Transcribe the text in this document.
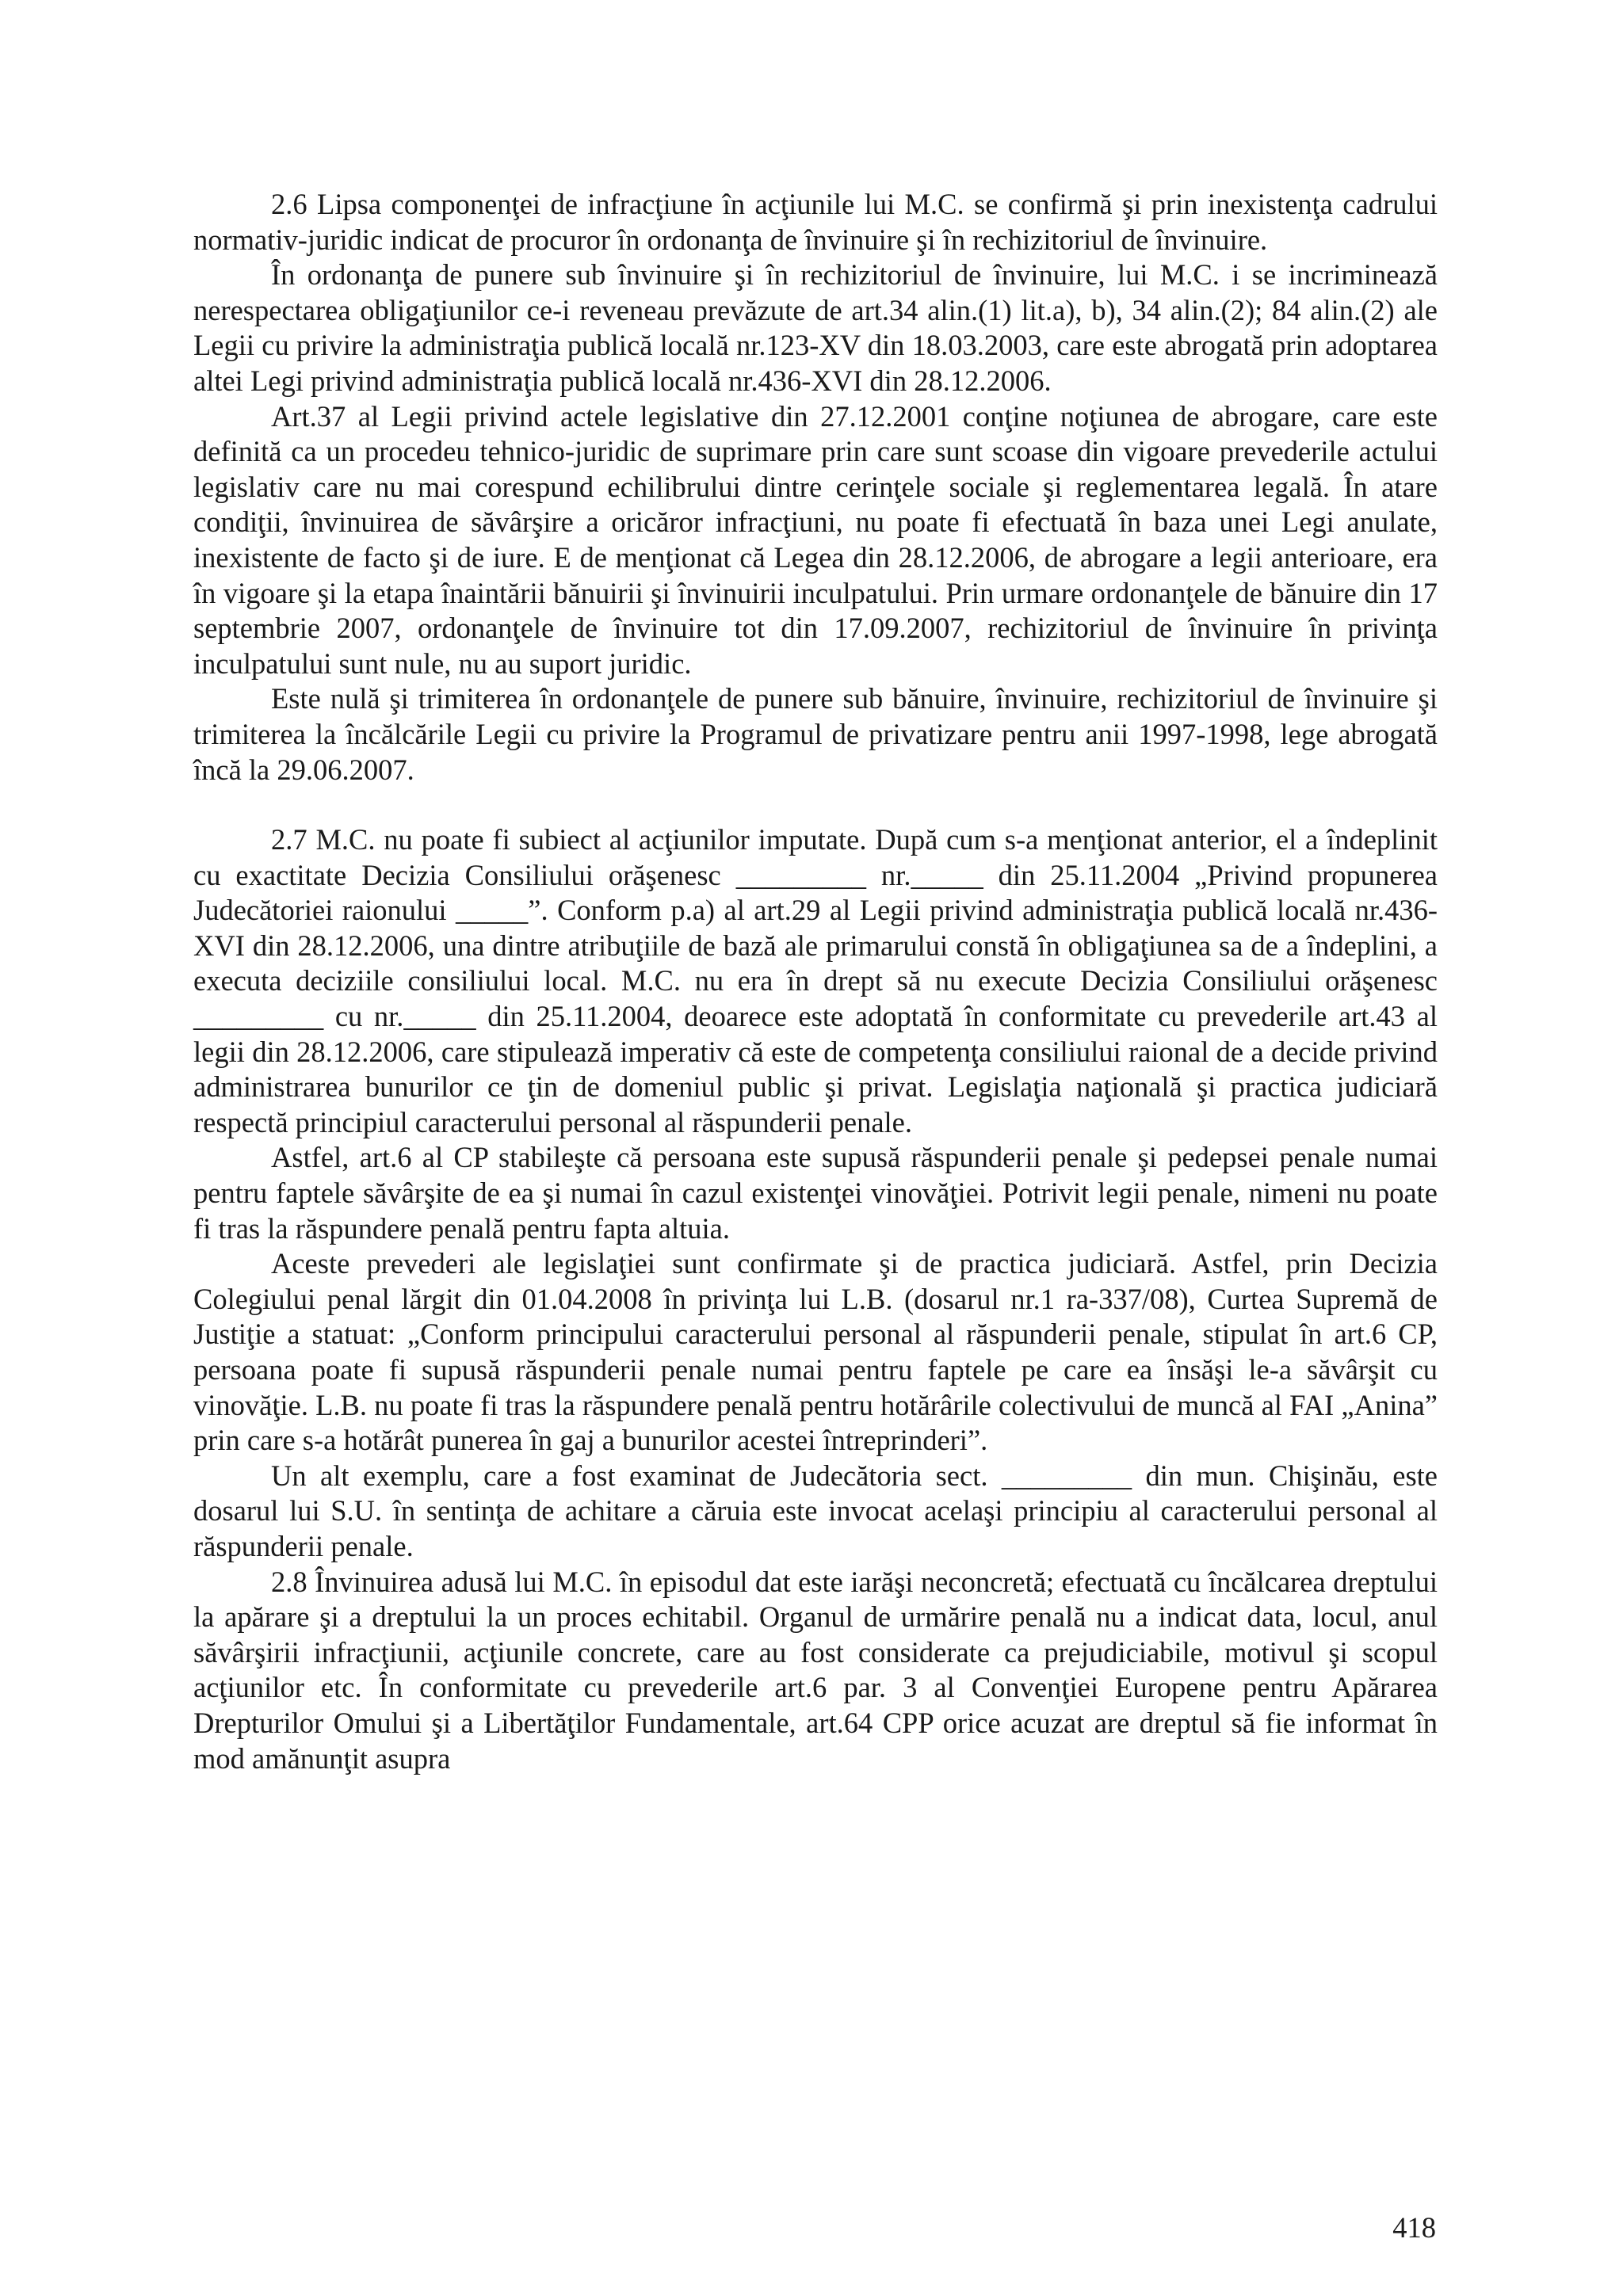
2.6 Lipsa componenţei de infracţiune în acţiunile lui M.C. se confirmă şi prin inexistenţa cadrului normativ-juridic indicat de procuror în ordonanţa de învinuire şi în rechizitoriul de învinuire.

În ordonanţa de punere sub învinuire şi în rechizitoriul de învinuire, lui M.C. i se incriminează nerespectarea obligaţiunilor ce-i reveneau prevăzute de art.34 alin.(1) lit.a), b), 34 alin.(2); 84 alin.(2) ale Legii cu privire la administraţia publică locală nr.123-XV din 18.03.2003, care este abrogată prin adoptarea altei Legi privind administraţia publică locală nr.436-XVI din 28.12.2006.

Art.37 al Legii privind actele legislative din 27.12.2001 conţine noţiunea de abrogare, care este definită ca un procedeu tehnico-juridic de suprimare prin care sunt scoase din vigoare prevederile actului legislativ care nu mai corespund echilibrului dintre cerinţele sociale şi reglementarea legală. În atare condiţii, învinuirea de săvârşire a oricăror infracţiuni, nu poate fi efectuată în baza unei Legi anulate, inexistente de facto şi de iure. E de menţionat că Legea din 28.12.2006, de abrogare a legii anterioare, era în vigoare şi la etapa înaintării bănuirii şi învinuirii inculpatului. Prin urmare ordonanţele de bănuire din 17 septembrie 2007, ordonanţele de învinuire tot din 17.09.2007, rechizitoriul de învinuire în privinţa inculpatului sunt nule, nu au suport juridic.

Este nulă şi trimiterea în ordonanţele de punere sub bănuire, învinuire, rechizitoriul de învinuire şi trimiterea la încălcările Legii cu privire la Programul de privatizare pentru anii 1997-1998, lege abrogată încă la 29.06.2007.

2.7 M.C. nu poate fi subiect al acţiunilor imputate. După cum s-a menţionat anterior, el a îndeplinit cu exactitate Decizia Consiliului orăşenesc _________ nr._____ din 25.11.2004 „Privind propunerea Judecătoriei raionului _____”. Conform p.a) al art.29 al Legii privind administraţia publică locală nr.436-XVI din 28.12.2006, una dintre atribuţiile de bază ale primarului constă în obligaţiunea sa de a îndeplini, a executa deciziile consiliului local. M.C. nu era în drept să nu execute Decizia Consiliului orăşenesc _________ cu nr._____ din 25.11.2004, deoarece este adoptată în conformitate cu prevederile art.43 al legii din 28.12.2006, care stipulează imperativ că este de competenţa consiliului raional de a decide privind administrarea bunurilor ce ţin de domeniul public şi privat. Legislaţia naţională şi practica judiciară respectă principiul caracterului personal al răspunderii penale.

Astfel, art.6 al CP stabileşte că persoana este supusă răspunderii penale şi pedepsei penale numai pentru faptele săvârşite de ea şi numai în cazul existenţei vinovăţiei. Potrivit legii penale, nimeni nu poate fi tras la răspundere penală pentru fapta altuia.

Aceste prevederi ale legislaţiei sunt confirmate şi de practica judiciară. Astfel, prin Decizia Colegiului penal lărgit din 01.04.2008 în privinţa lui L.B. (dosarul nr.1 ra-337/08), Curtea Supremă de Justiţie a statuat: „Conform principului caracterului personal al răspunderii penale, stipulat în art.6 CP, persoana poate fi supusă răspunderii penale numai pentru faptele pe care ea însăşi le-a săvârşit cu vinovăţie. L.B. nu poate fi tras la răspundere penală pentru hotărârile colectivului de muncă al FAI „Anina” prin care s-a hotărât punerea în gaj a bunurilor acestei întreprinderi”.

Un alt exemplu, care a fost examinat de Judecătoria sect. _________ din mun. Chişinău, este dosarul lui S.U. în sentinţa de achitare a căruia este invocat acelaşi principiu al caracterului personal al răspunderii penale.

2.8 Învinuirea adusă lui M.C. în episodul dat este iarăşi neconcretă; efectuată cu încălcarea dreptului la apărare şi a dreptului la un proces echitabil. Organul de urmărire penală nu a indicat data, locul, anul săvârşirii infracţiunii, acţiunile concrete, care au fost considerate ca prejudiciabile, motivul şi scopul acţiunilor etc. În conformitate cu prevederile art.6 par. 3 al Convenţiei Europene pentru Apărarea Drepturilor Omului şi a Libertăţilor Fundamentale, art.64 CPP orice acuzat are dreptul să fie informat în mod amănunţit asupra

418
